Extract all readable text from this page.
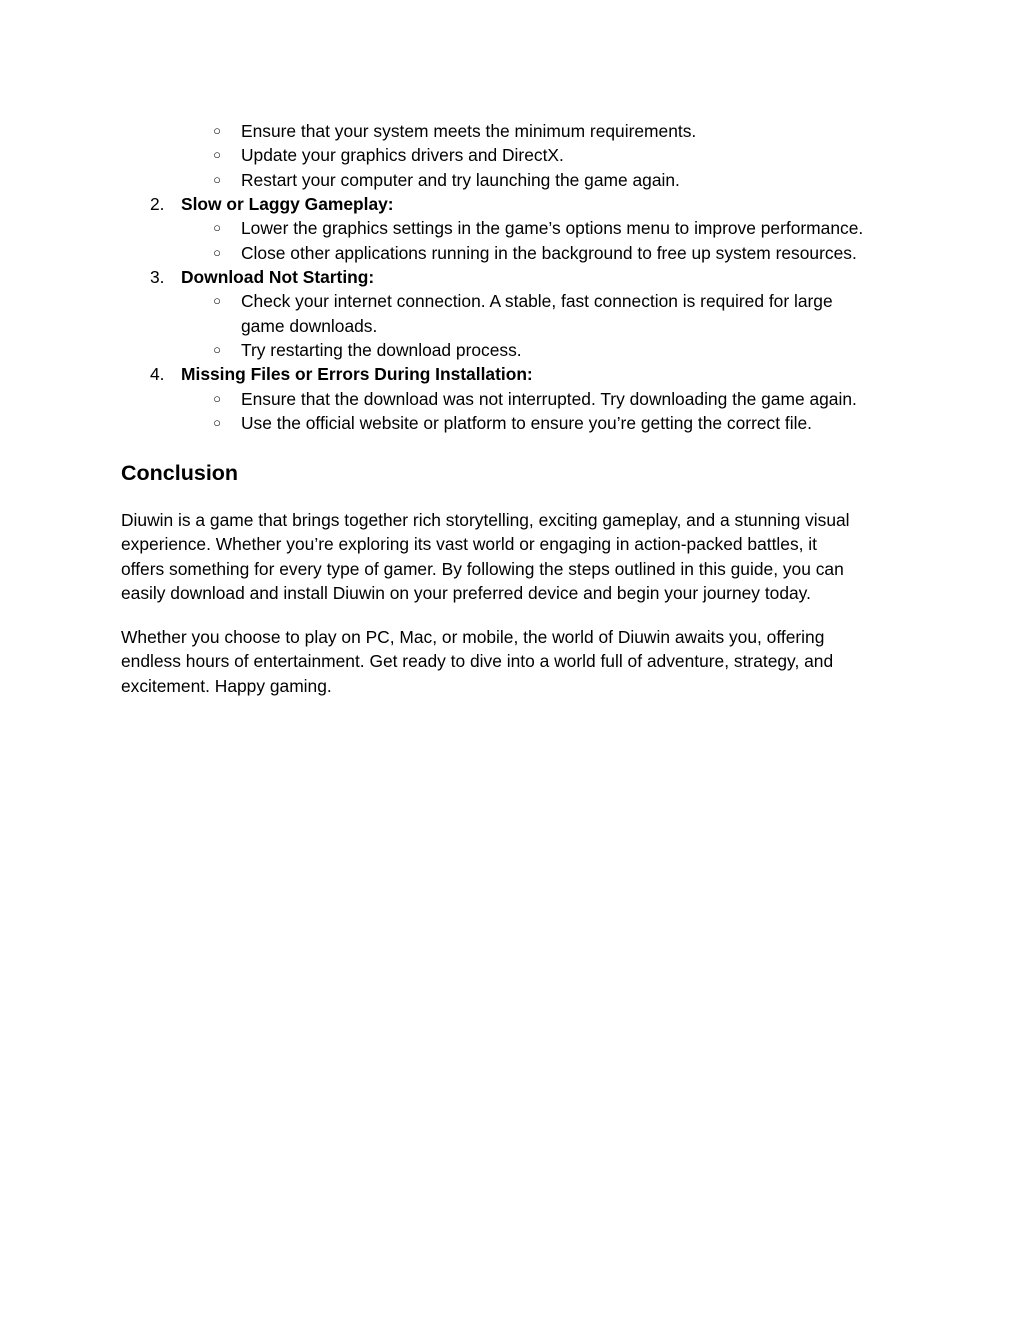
○ Ensure that your system meets the minimum requirements.
○ Update your graphics drivers and DirectX.
○ Restart your computer and try launching the game again.
2. Slow or Laggy Gameplay:
○ Lower the graphics settings in the game’s options menu to improve performance.
○ Close other applications running in the background to free up system resources.
3. Download Not Starting:
○ Check your internet connection. A stable, fast connection is required for large
game downloads.
○ Try restarting the download process.
4. Missing Files or Errors During Installation:
○ Ensure that the download was not interrupted. Try downloading the game again.
○ Use the official website or platform to ensure you’re getting the correct file.
Conclusion
Diuwin is a game that brings together rich storytelling, exciting gameplay, and a stunning visual
experience. Whether you’re exploring its vast world or engaging in action-packed battles, it
offers something for every type of gamer. By following the steps outlined in this guide, you can
easily download and install Diuwin on your preferred device and begin your journey today.
Whether you choose to play on PC, Mac, or mobile, the world of Diuwin awaits you, offering
endless hours of entertainment. Get ready to dive into a world full of adventure, strategy, and
excitement. Happy gaming.
